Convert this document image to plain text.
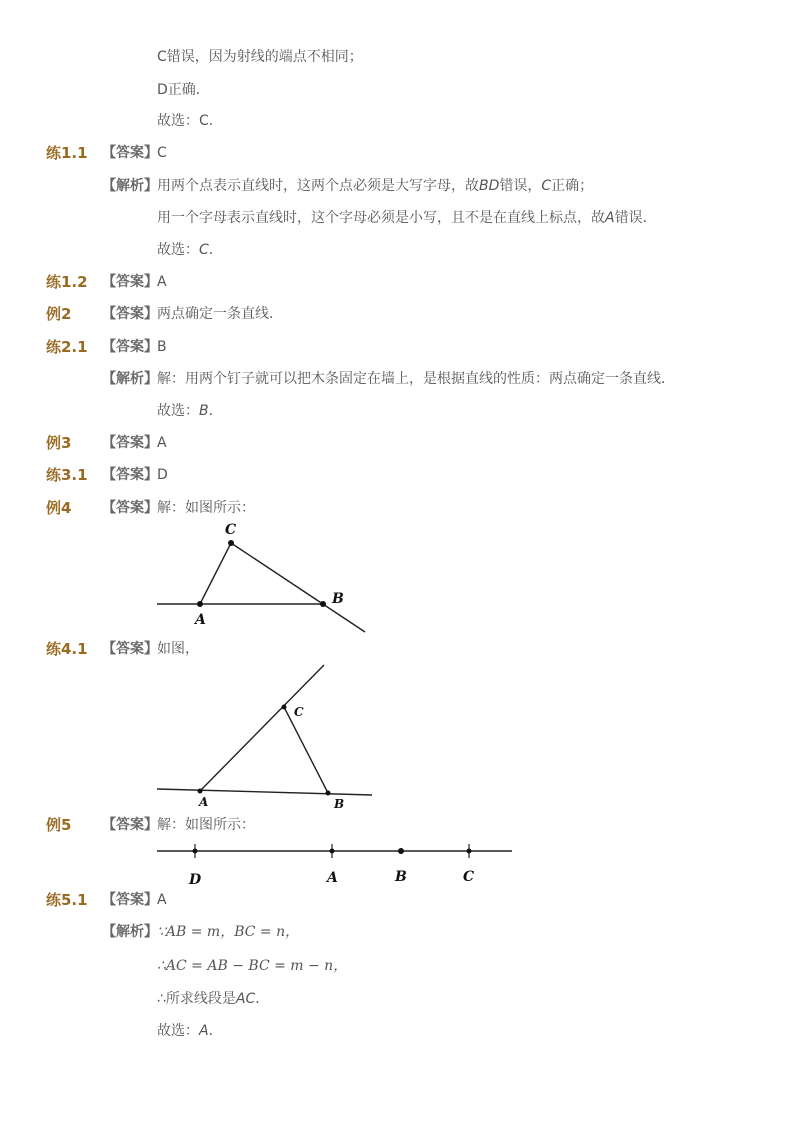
C错误，因为射线的端点不相同；
D正确．
故选：C．
练1.1 【答案】 C
【解析】 用两个点表示直线时，这两个点必须是大写字母，故BD错误，C正确；
用一个字母表示直线时，这个字母必须是小写，且不是在直线上标点，故A错误．
故选：C．
练1.2 【答案】 A
例2 【答案】 两点确定一条直线．
练2.1 【答案】 B
【解析】 解：用两个钉子就可以把木条固定在墙上，是根据直线的性质：两点确定一条直线．
故选：B．
例3 【答案】 A
练3.1 【答案】 D
例4 【答案】 解：如图所示：
C
B
A
练4.1 【答案】 如图，
C
A	B
例5 【答案】 解：如图所示：
D	A	B	C
练5.1 【答案】 A
【解析】 ∵AB = m，BC = n，
∴AC = AB − BC = m − n，
∴所求线段是AC．
故选：A．
